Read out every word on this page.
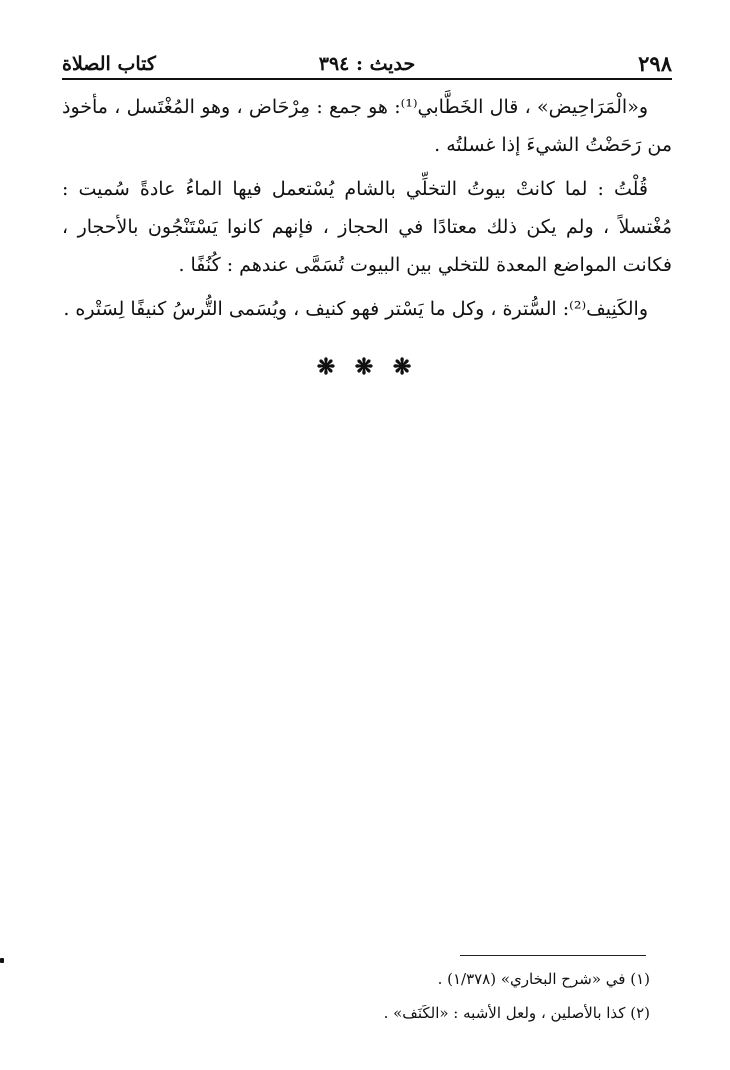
٢٩٨
حديث : ٣٩٤
كتاب الصلاة

و«الْمَرَاحِيض» ، قال الخَطَّابي⁽¹⁾: هو جمع : مِرْحَاض ، وهو المُغْتَسل ، مأخوذ من رَحَضْتُ الشيءَ إذا غسلتُه .

قُلْتُ : لما كانتْ بيوتُ التخلِّي بالشام يُسْتعمل فيها الماءُ عادةً سُميت : مُغْتسلاً ، ولم يكن ذلك معتادًا في الحجاز ، فإنهم كانوا يَسْتَنْجُون بالأحجار ، فكانت المواضع المعدة للتخلي بين البيوت تُسَمَّى عندهم : كُنُفًا .

والكَنِيف⁽²⁾: السُّترة ، وكل ما يَسْتر فهو كنيف ، ويُسَمى التُّرسُ كنيفًا لِسَتْره .

❋ ❋ ❋

(١) في «شرح البخاري» (١/٣٧٨) .

(٢) كذا بالأصلين ، ولعل الأشبه : «الكَنَف» .
